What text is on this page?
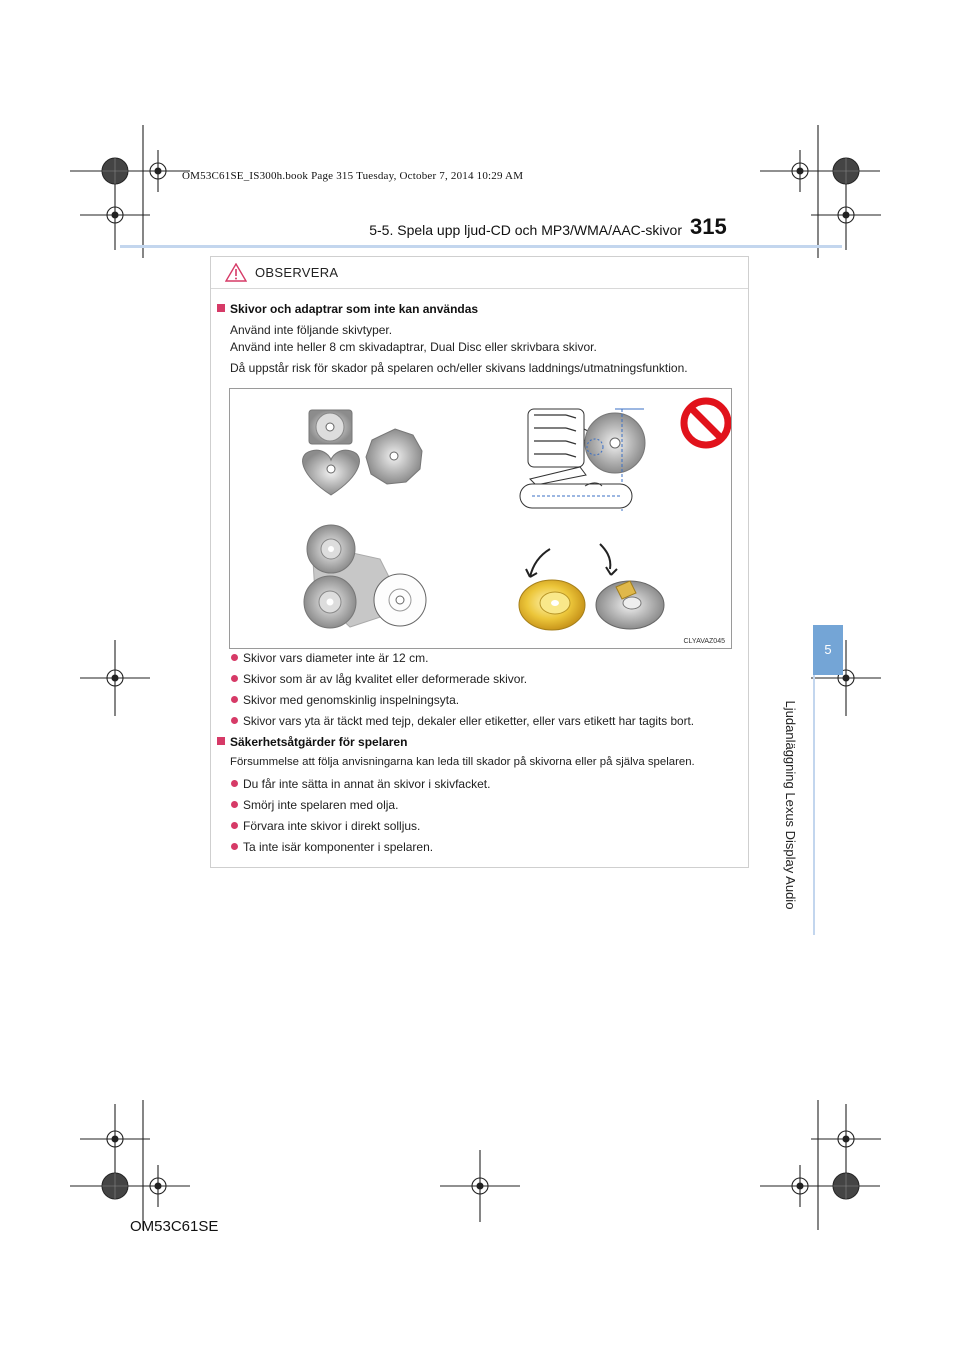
OM53C61SE_IS300h.book Page 315 Tuesday, October 7, 2014 10:29 AM
5-5. Spela upp ljud-CD och MP3/WMA/AAC-skivor 315
5
Ljudanläggning Lexus Display Audio
OBSERVERA
Skivor och adaptrar som inte kan användas
Använd inte följande skivtyper.
Använd inte heller 8 cm skivadaptrar, Dual Disc eller skrivbara skivor.
Då uppstår risk för skador på spelaren och/eller skivans laddnings/utmatningsfunktion.
CLYAVAZ045
Skivor vars diameter inte är 12 cm.
Skivor som är av låg kvalitet eller deformerade skivor.
Skivor med genomskinlig inspelningsyta.
Skivor vars yta är täckt med tejp, dekaler eller etiketter, eller vars etikett har tagits bort.
Säkerhetsåtgärder för spelaren
Försummelse att följa anvisningarna kan leda till skador på skivorna eller på själva spelaren.
Du får inte sätta in annat än skivor i skivfacket.
Smörj inte spelaren med olja.
Förvara inte skivor i direkt solljus.
Ta inte isär komponenter i spelaren.
OM53C61SE
